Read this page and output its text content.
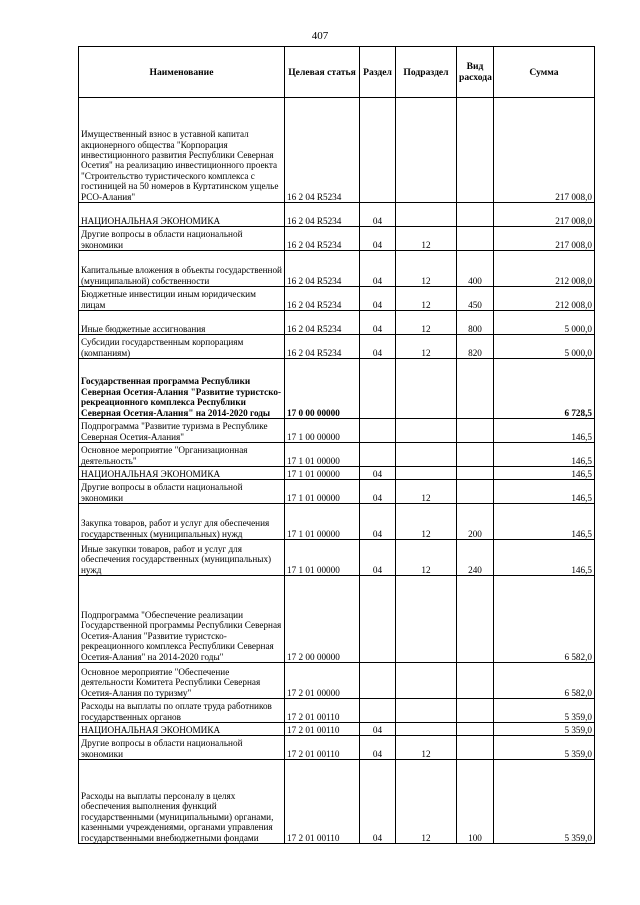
407
Наименование	Целевая статья	Раздел	Подраздел	Вид расхода	Сумма
Имущественный взнос в уставной капитал акционерного общества "Корпорация инвестиционного развития Республики Северная Осетия" на реализацию инвестиционного проекта "Строительство туристического комплекса с гостиницей на 50 номеров в Куртатинском ущелье РСО-Алания"	16 2 04 R5234				217 008,0
НАЦИОНАЛЬНАЯ ЭКОНОМИКА	16 2 04 R5234	04			217 008,0
Другие вопросы в области национальной экономики	16 2 04 R5234	04	12		217 008,0
Капитальные вложения в объекты государственной (муниципальной) собственности	16 2 04 R5234	04	12	400	212 008,0
Бюджетные инвестиции иным юридическим лицам	16 2 04 R5234	04	12	450	212 008,0
Иные бюджетные ассигнования	16 2 04 R5234	04	12	800	5 000,0
Субсидии государственным корпорациям (компаниям)	16 2 04 R5234	04	12	820	5 000,0
Государственная программа Республики Северная Осетия-Алания "Развитие туристско-рекреационного комплекса Республики Северная Осетия-Алания" на 2014-2020 годы	17 0 00 00000				6 728,5
Подпрограмма "Развитие туризма в Республике Северная Осетия-Алания"	17 1 00 00000				146,5
Основное мероприятие "Организационная деятельность"	17 1 01 00000				146,5
НАЦИОНАЛЬНАЯ ЭКОНОМИКА	17 1 01 00000	04			146,5
Другие вопросы в области национальной экономики	17 1 01 00000	04	12		146,5
Закупка товаров, работ и услуг для обеспечения государственных (муниципальных) нужд	17 1 01 00000	04	12	200	146,5
Иные закупки товаров, работ и услуг для обеспечения государственных (муниципальных) нужд	17 1 01 00000	04	12	240	146,5
Подпрограмма "Обеспечение реализации Государственной программы Республики Северная Осетия-Алания "Развитие туристско-рекреационного комплекса Республики Северная Осетия-Алания" на 2014-2020 годы"	17 2 00 00000				6 582,0
Основное мероприятие "Обеспечение деятельности Комитета Республики Северная Осетия-Алания по туризму"	17 2 01 00000				6 582,0
Расходы на выплаты по оплате труда работников государственных органов	17 2 01 00110				5 359,0
НАЦИОНАЛЬНАЯ ЭКОНОМИКА	17 2 01 00110	04			5 359,0
Другие вопросы в области национальной экономики	17 2 01 00110	04	12		5 359,0
Расходы на выплаты персоналу в целях обеспечения выполнения функций государственными (муниципальными) органами, казенными учреждениями, органами управления государственными внебюджетными фондами	17 2 01 00110	04	12	100	5 359,0
